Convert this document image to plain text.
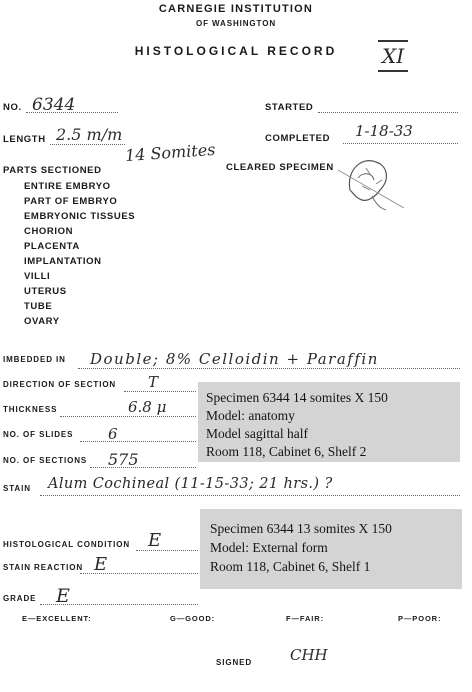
CARNEGIE INSTITUTION
OF WASHINGTON
HISTOLOGICAL RECORD	XI
NO. 6344	STARTED
LENGTH 2.5 m/m
14 Somites
COMPLETED 1-18-33
PARTS SECTIONED	CLEARED SPECIMEN
ENTIRE EMBRYO
PART OF EMBRYO
EMBRYONIC TISSUES
CHORION
PLACENTA
IMPLANTATION
VILLI
UTERUS
TUBE
OVARY
IMBEDDED IN Double; 8% Celloidin + Paraffin
DIRECTION OF SECTION T
THICKNESS	6.8 μ
NO. OF SLIDES 6
NO. OF SECTIONS 575
Specimen 6344 14 somites X 150
Model: anatomy
Model sagittal half
Room 118, Cabinet 6, Shelf 2
STAIN Alum Cochineal (11-15-33; 21 hrs.) ?
Specimen 6344 13 somites X 150
Model: External form
Room 118, Cabinet 6, Shelf 1
HISTOLOGICAL CONDITION E
STAIN REACTION E
GRADE E
E—EXCELLENT:	G—GOOD:	F—FAIR:	P—POOR:
SIGNED	CHH
